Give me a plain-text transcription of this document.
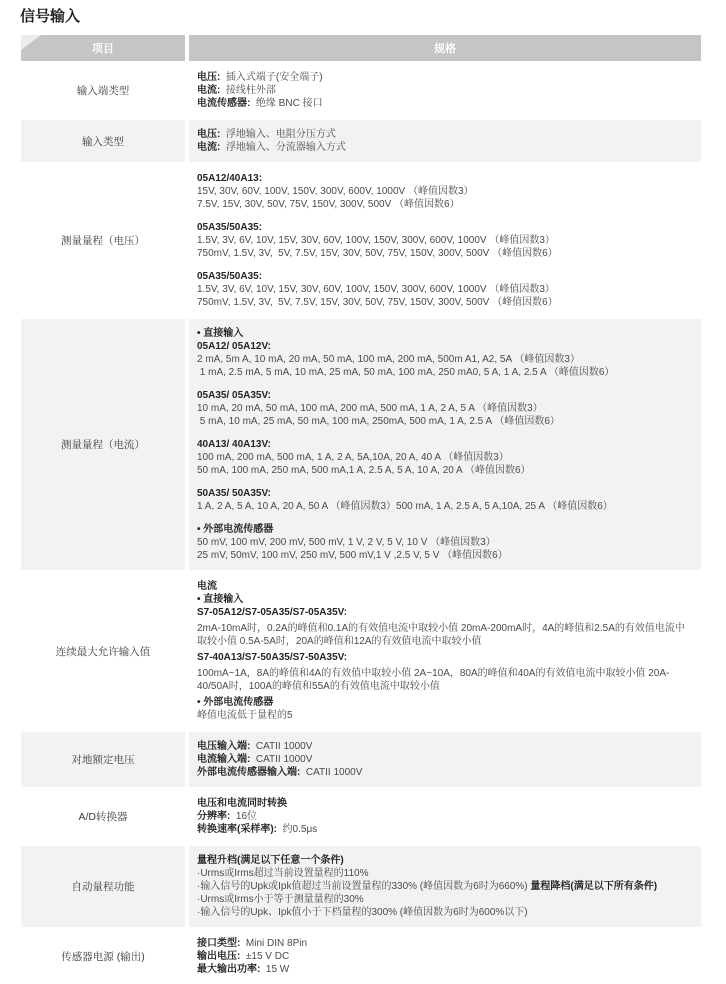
信号输入
项目	规格
输入端类型
电压:  插入式端子(安全端子)
电流:  接线柱外部
电流传感器:  绝缘 BNC 接口
输入类型
电压:  浮地输入、电阻分压方式
电流:  浮地输入、分流器输入方式
测量量程（电压）
05A12/40A13:
15V, 30V, 60V, 100V, 150V, 300V, 600V, 1000V （峰值因数3）
7.5V, 15V, 30V, 50V, 75V, 150V, 300V, 500V （峰值因数6）
05A35/50A35:
1.5V, 3V, 6V, 10V, 15V, 30V, 60V, 100V, 150V, 300V, 600V, 1000V （峰值因数3）
750mV, 1.5V, 3V,  5V, 7.5V, 15V, 30V, 50V, 75V, 150V, 300V, 500V （峰值因数6）
05A35/50A35:
1.5V, 3V, 6V, 10V, 15V, 30V, 60V, 100V, 150V, 300V, 600V, 1000V （峰值因数3）
750mV, 1.5V, 3V,  5V, 7.5V, 15V, 30V, 50V, 75V, 150V, 300V, 500V （峰值因数6）
测量量程（电流）
• 直接输入
05A12/ 05A12V:
2 mA, 5m A, 10 mA, 20 mA, 50 mA, 100 mA, 200 mA, 500m A1, A2, 5A （峰值因数3）
1 mA, 2.5 mA, 5 mA, 10 mA, 25 mA, 50 mA, 100 mA, 250 mA0, 5 A, 1 A, 2.5 A （峰值因数6）
05A35/ 05A35V:
10 mA, 20 mA, 50 mA, 100 mA, 200 mA, 500 mA, 1 A, 2 A, 5 A （峰值因数3）
5 mA, 10 mA, 25 mA, 50 mA, 100 mA, 250mA, 500 mA, 1 A, 2.5 A （峰值因数6）
40A13/ 40A13V:
100 mA, 200 mA, 500 mA, 1 A, 2 A, 5A,10A, 20 A, 40 A （峰值因数3）
50 mA, 100 mA, 250 mA, 500 mA,1 A, 2.5 A, 5 A, 10 A, 20 A （峰值因数6）
50A35/ 50A35V:
1 A, 2 A, 5 A, 10 A, 20 A, 50 A （峰值因数3）500 mA, 1 A, 2.5 A, 5 A,10A, 25 A （峰值因数6）
• 外部电流传感器
50 mV, 100 mV, 200 mV, 500 mV, 1 V, 2 V, 5 V, 10 V （峰值因数3）
25 mV, 50mV, 100 mV, 250 mV, 500 mV,1 V ,2.5 V, 5 V （峰值因数6）
连续最大允许输入值
电流
• 直接输入
S7-05A12/S7-05A35/S7-05A35V:
2mA-10mA时，0.2A的峰值和0.1A的有效值电流中取较小值 20mA-200mA时，4A的峰值和2.5A的有效值电流中取较小值 0.5A-5A时，20A的峰值和12A的有效值电流中取较小值
S7-40A13/S7-50A35/S7-50A35V:
100mA~1A，8A的峰值和4A的有效值中取较小值 2A~10A，80A的峰值和40A的有效值电流中取较小值 20A-40/50A时，100A的峰值和55A的有效值电流中取较小值
• 外部电流传感器
峰值电流低于量程的5
对地额定电压
电压输入端:  CATII 1000V
电流输入端:  CATII 1000V
外部电流传感器输入端:  CATII 1000V
A/D转换器
电压和电流同时转换
分辨率:  16位
转换速率(采样率):  约0.5μs
自动量程功能
量程升档(满足以下任意一个条件)
·Urms或Irms超过当前设置量程的110%
·输入信号的Upk或Ipk值超过当前设置量程的330% (峰值因数为6时为660%) 量程降档(满足以下所有条件)
·Urms或Irms小于等于测量量程的30%
·输入信号的Upk、Ipk值小于下档量程的300% (峰值因数为6时为600%以下)
传感器电源 (输出)
接口类型:  Mini DIN 8Pin
输出电压:  ±15 V DC
最大输出功率:  15 W
